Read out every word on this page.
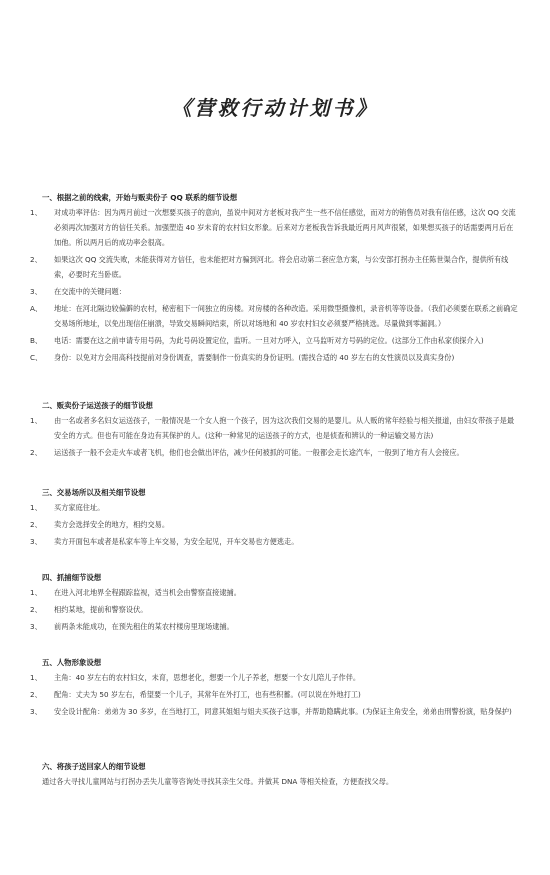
《营救行动计划书》
一、根据之前的线索，开始与贩卖份子 QQ 联系的细节设想
1、 对成功率评估：因为两月前过一次想要买孩子的意向，虽说中间对方老板对我产生一些不信任感觉，而对方的销售员对我有信任感，这次 QQ 交流必须再次加强对方的信任关系。加强塑造 40 岁未育的农村妇女形象。后来对方老板我告诉我最近两月风声很紧，如果想买孩子的话需要两月后在加他。所以两月后的成功率会很高。
2、 如果这次 QQ 交流失败，未能获得对方信任，也未能把对方骗到河北。将会启动第二套应急方案，与公安部打拐办主任陈世渠合作，提供所有线索，必要时充当卧底。
3、 在交流中的关键问题：
A、 地址：在河北隔边较偏僻的农村，秘密租下一间独立的房楼。对房楼的各种改造。采用微型摄像机，录音机等等设备。（我们必须要在联系之前确定交易场所地址，以免出现信任崩溃，导致交易瞬间结束，所以对场地和 40 岁农村妇女必须要严格挑选。尽量做到零漏洞。）
B、 电话：需要在这之前申请专用号码，为此号码设置定位，监听。一旦对方呼入，立马监听对方号码的定位。(这部分工作由私家侦探介入)
C、 身份：以免对方会用高科技提前对身份调查，需要制作一份真实的身份证明。(需找合适的 40 岁左右的女性演员以及真实身份)
二、贩卖份子运送孩子的细节设想
1、 由一名或者多名妇女运送孩子，一般情况是一个女人抱一个孩子，因为这次我们交易的是婴儿。从人贩的常年经验与相关报道，由妇女带孩子是最安全的方式。但也有可能在身边有其保护的人。(这种一种常见的运送孩子的方式，也是侦查和辨认的一种运输交易方法)
2、 运送孩子一般不会走火车或者飞机，他们也会做出评估，减少任何被抓的可能。一般都会走长途汽车，一般到了地方有人会接应。
三、交易场所以及相关细节设想
1、 买方家庭住址。
2、 卖方会选择安全的地方，相约交易。
3、 卖方开面包车或者是私家车等上车交易，为安全起见，开车交易也方便逃走。
四、抓捕细节设想
1、 在进入河北地界全程跟踪监视，适当机会由警察直接逮捕。
2、 相约某地，提前和警察设伏。
3、 前两条未能成功，在预先租住的某农村楼房里现场逮捕。
五、人物形象设想
1、 主角：40 岁左右的农村妇女，未育，思想老化，想要一个儿子养老，想要一个女儿陪儿子作伴。
2、 配角：丈夫为 50 岁左右，希望要一个儿子，其常年在外打工，也有些积蓄。(可以说在外地打工)
3、 安全设计配角：弟弟为 30 多岁，在当地打工，同意其姐姐与姐夫买孩子这事，并帮助隐瞒此事。(为保证主角安全，弟弟由刑警扮演，贴身保护)
六、将孩子送回家人的细节设想
通过各大寻找儿童网站与打拐办丢失儿童等咨询处寻找其亲生父母。并做其 DNA 等相关检查，方便查找父母。
